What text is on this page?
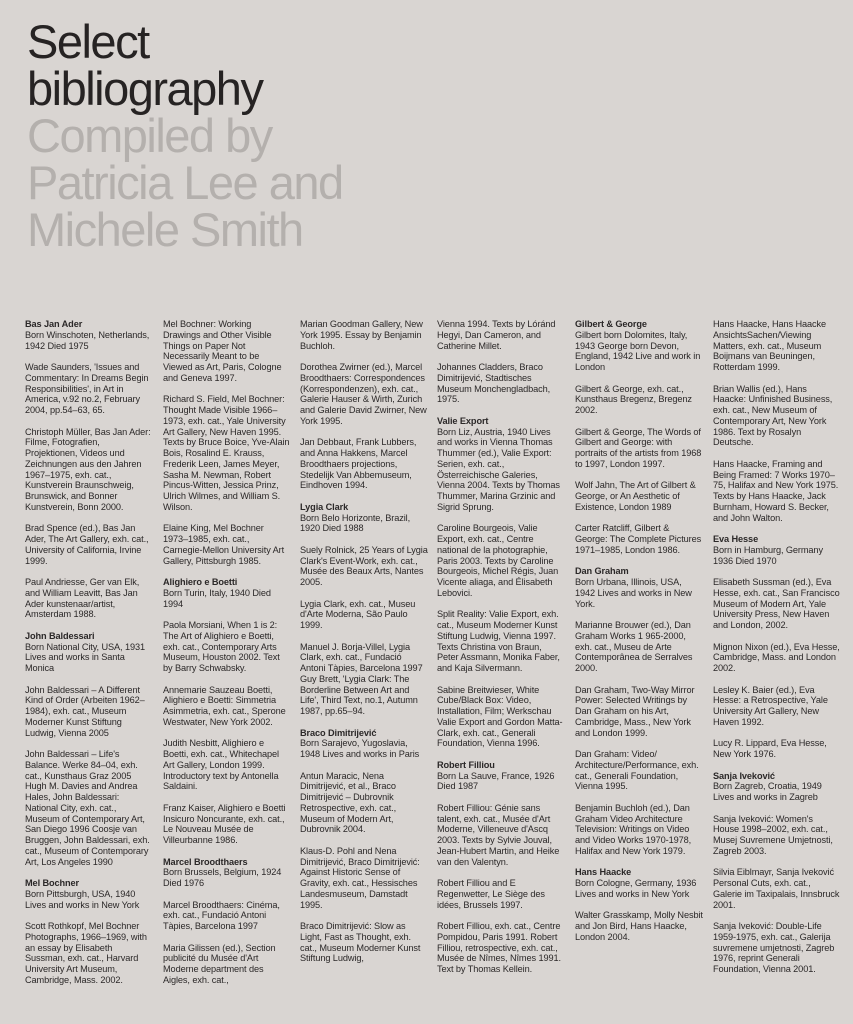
Select
bibliography
Compiled by
Patricia Lee and
Michele Smith

Bas Jan Ader
Born Winschoten, Netherlands, 1942 Died 1975

Wade Saunders, 'Issues and Commentary: In Dreams Begin Responsibilities', in Art in America, v.92 no.2, February 2004, pp.54–63, 65.

Christoph Müller, Bas Jan Ader: Filme, Fotografien, Projektionen, Videos und Zeichnungen aus den Jahren 1967–1975, exh. cat., Kunstverein Braunschweig, Brunswick, and Bonner Kunstverein, Bonn 2000.

Brad Spence (ed.), Bas Jan Ader, The Art Gallery, exh. cat., University of California, Irvine 1999.

Paul Andriesse, Ger van Elk, and William Leavitt, Bas Jan Ader kunstenaar/artist, Amsterdam 1988.

John Baldessari
Born National City, USA, 1931 Lives and works in Santa Monica

John Baldessari – A Different Kind of Order (Arbeiten 1962–1984), exh. cat., Museum Moderner Kunst Stiftung Ludwig, Vienna 2005

John Baldessari – Life's Balance. Werke 84–04, exh. cat., Kunsthaus Graz 2005 Hugh M. Davies and Andrea Hales, John Baldessari: National City, exh. cat., Museum of Contemporary Art, San Diego 1996 Coosje van Bruggen, John Baldessari, exh. cat., Museum of Contemporary Art, Los Angeles 1990

Mel Bochner
Born Pittsburgh, USA, 1940 Lives and works in New York

Scott Rothkopf, Mel Bochner Photographs, 1966–1969, with an essay by Elisabeth Sussman, exh. cat., Harvard University Art Museum, Cambridge, Mass. 2002.

Mel Bochner: Working Drawings and Other Visible Things on Paper Not Necessarily Meant to be Viewed as Art, Paris, Cologne and Geneva 1997.

Richard S. Field, Mel Bochner: Thought Made Visible 1966–1973, exh. cat., Yale University Art Gallery, New Haven 1995. Texts by Bruce Boice, Yve-Alain Bois, Rosalind E. Krauss, Frederik Leen, James Meyer, Sasha M. Newman, Robert Pincus-Witten, Jessica Prinz, Ulrich Wilmes, and William S. Wilson.

Elaine King, Mel Bochner 1973–1985, exh. cat., Carnegie-Mellon University Art Gallery, Pittsburgh 1985.

Alighiero e Boetti
Born Turin, Italy, 1940 Died 1994

Paola Morsiani, When 1 is 2: The Art of Alighiero e Boetti, exh. cat., Contemporary Arts Museum, Houston 2002. Text by Barry Schwabsky.

Annemarie Sauzeau Boetti, Alighiero e Boetti: Simmetria Asimmetria, exh. cat., Sperone Westwater, New York 2002.

Judith Nesbitt, Alighiero e Boetti, exh. cat., Whitechapel Art Gallery, London 1999. Introductory text by Antonella Saldaini.

Franz Kaiser, Alighiero e Boetti Insicuro Noncurante, exh. cat., Le Nouveau Musée de Villeurbanne 1986.

Marcel Broodthaers
Born Brussels, Belgium, 1924 Died 1976

Marcel Broodthaers: Cinéma, exh. cat., Fundació Antoni Tàpies, Barcelona 1997

Maria Gilissen (ed.), Section publicité du Musée d'Art Moderne department des Aigles, exh. cat.,

Marian Goodman Gallery, New York 1995. Essay by Benjamin Buchloh.

Dorothea Zwirner (ed.), Marcel Broodthaers: Correspondences (Korrespondenzen), exh. cat., Galerie Hauser & Wirth, Zurich and Galerie David Zwirner, New York 1995.

Jan Debbaut, Frank Lubbers, and Anna Hakkens, Marcel Broodthaers projections, Stedelijk Van Abbemuseum, Eindhoven 1994.

Lygia Clark
Born Belo Horizonte, Brazil, 1920 Died 1988

Suely Rolnick, 25 Years of Lygia Clark's Event-Work, exh. cat., Musée des Beaux Arts, Nantes 2005.

Lygia Clark, exh. cat., Museu d'Arte Moderna, São Paulo 1999.

Manuel J. Borja-Villel, Lygia Clark, exh. cat., Fundació Antoni Tàpies, Barcelona 1997 Guy Brett, 'Lygia Clark: The Borderline Between Art and Life', Third Text, no.1, Autumn 1987, pp.65–94.

Braco Dimitrijević
Born Sarajevo, Yugoslavia, 1948 Lives and works in Paris

Antun Maracic, Nena Dimitrijević, et al., Braco Dimitrijević – Dubrovnik Retrospective, exh. cat., Museum of Modern Art, Dubrovnik 2004.

Klaus-D. Pohl and Nena Dimitrijević, Braco Dimitrijević: Against Historic Sense of Gravity, exh. cat., Hessisches Landesmuseum, Damstadt 1995.

Braco Dimitrijević: Slow as Light, Fast as Thought, exh. cat., Museum Moderner Kunst Stiftung Ludwig,

Vienna 1994. Texts by Lóránd Hegyi, Dan Cameron, and Catherine Millet.

Johannes Cladders, Braco Dimitrijević, Stadtisches Museum Monchengladbach, 1975.

Valie Export
Born Liz, Austria, 1940 Lives and works in Vienna Thomas Thummer (ed.), Valie Export: Serien, exh. cat., Österreichische Galeries, Vienna 2004. Texts by Thomas Thummer, Marina Grzinic and Sigrid Sprung.

Caroline Bourgeois, Valie Export, exh. cat., Centre national de la photographie, Paris 2003. Texts by Caroline Bourgeois, Michel Régis, Juan Vicente aliaga, and Élisabeth Lebovici.

Split Reality: Valie Export, exh. cat., Museum Moderner Kunst Stiftung Ludwig, Vienna 1997. Texts Christina von Braun, Peter Assmann, Monika Faber, and Kaja Silvermann.

Sabine Breitwieser, White Cube/Black Box: Video, Installation, Film; Werkschau Valie Export and Gordon Matta-Clark, exh. cat., Generali Foundation, Vienna 1996.

Robert Filliou
Born La Sauve, France, 1926 Died 1987

Robert Filliou: Génie sans talent, exh. cat., Musée d'Art Moderne, Villeneuve d'Ascq 2003. Texts by Sylvie Jouval, Jean-Hubert Martin, and Heike van den Valentyn.

Robert Filliou and E Regenwetter, Le Siège des idées, Brussels 1997.

Robert Filliou, exh. cat., Centre Pompidou, Paris 1991. Robert Filliou, retrospective, exh. cat., Musée de Nîmes, Nîmes 1991. Text by Thomas Kellein.

Gilbert & George
Gilbert born Dolomites, Italy, 1943 George born Devon, England, 1942 Live and work in London

Gilbert & George, exh. cat., Kunsthaus Bregenz, Bregenz 2002.

Gilbert & George, The Words of Gilbert and George: with portraits of the artists from 1968 to 1997, London 1997.

Wolf Jahn, The Art of Gilbert & George, or An Aesthetic of Existence, London 1989

Carter Ratcliff, Gilbert & George: The Complete Pictures 1971–1985, London 1986.

Dan Graham
Born Urbana, Illinois, USA, 1942 Lives and works in New York.

Marianne Brouwer (ed.), Dan Graham Works 1 965-2000, exh. cat., Museu de Arte Contemporânea de Serralves 2000.

Dan Graham, Two-Way Mirror Power: Selected Writings by Dan Graham on his Art, Cambridge, Mass., New York and London 1999.

Dan Graham: Video/ Architecture/Performance, exh. cat., Generali Foundation, Vienna 1995.

Benjamin Buchloh (ed.), Dan Graham Video Architecture Television: Writings on Video and Video Works 1970-1978, Halifax and New York 1979.

Hans Haacke
Born Cologne, Germany, 1936 Lives and works in New York

Walter Grasskamp, Molly Nesbit and Jon Bird, Hans Haacke, London 2004.

Hans Haacke, Hans Haacke AnsichtsSachen/Viewing Matters, exh. cat., Museum Boijmans van Beuningen, Rotterdam 1999.

Brian Wallis (ed.), Hans Haacke: Unfinished Business, exh. cat., New Museum of Contemporary Art, New York 1986. Text by Rosalyn Deutsche.

Hans Haacke, Framing and Being Framed: 7 Works 1970–75, Halifax and New York 1975. Texts by Hans Haacke, Jack Burnham, Howard S. Becker, and John Walton.

Eva Hesse
Born in Hamburg, Germany 1936 Died 1970

Elisabeth Sussman (ed.), Eva Hesse, exh. cat., San Francisco Museum of Modern Art, Yale University Press, New Haven and London, 2002.

Mignon Nixon (ed.), Eva Hesse, Cambridge, Mass. and London 2002.

Lesley K. Baier (ed.), Eva Hesse: a Retrospective, Yale University Art Gallery, New Haven 1992.

Lucy R. Lippard, Eva Hesse, New York 1976.

Sanja Iveković
Born Zagreb, Croatia, 1949 Lives and works in Zagreb

Sanja Iveković: Women's House 1998–2002, exh. cat., Musej Suvremene Umjetnosti, Zagreb 2003.

Silvia Eiblmayr, Sanja Iveković Personal Cuts, exh. cat., Galerie im Taxipalais, Innsbruck 2001.

Sanja Iveković: Double-Life 1959-1975, exh. cat., Galerija suvremene umjetnosti, Zagreb 1976, reprint Generali Foundation, Vienna 2001.
